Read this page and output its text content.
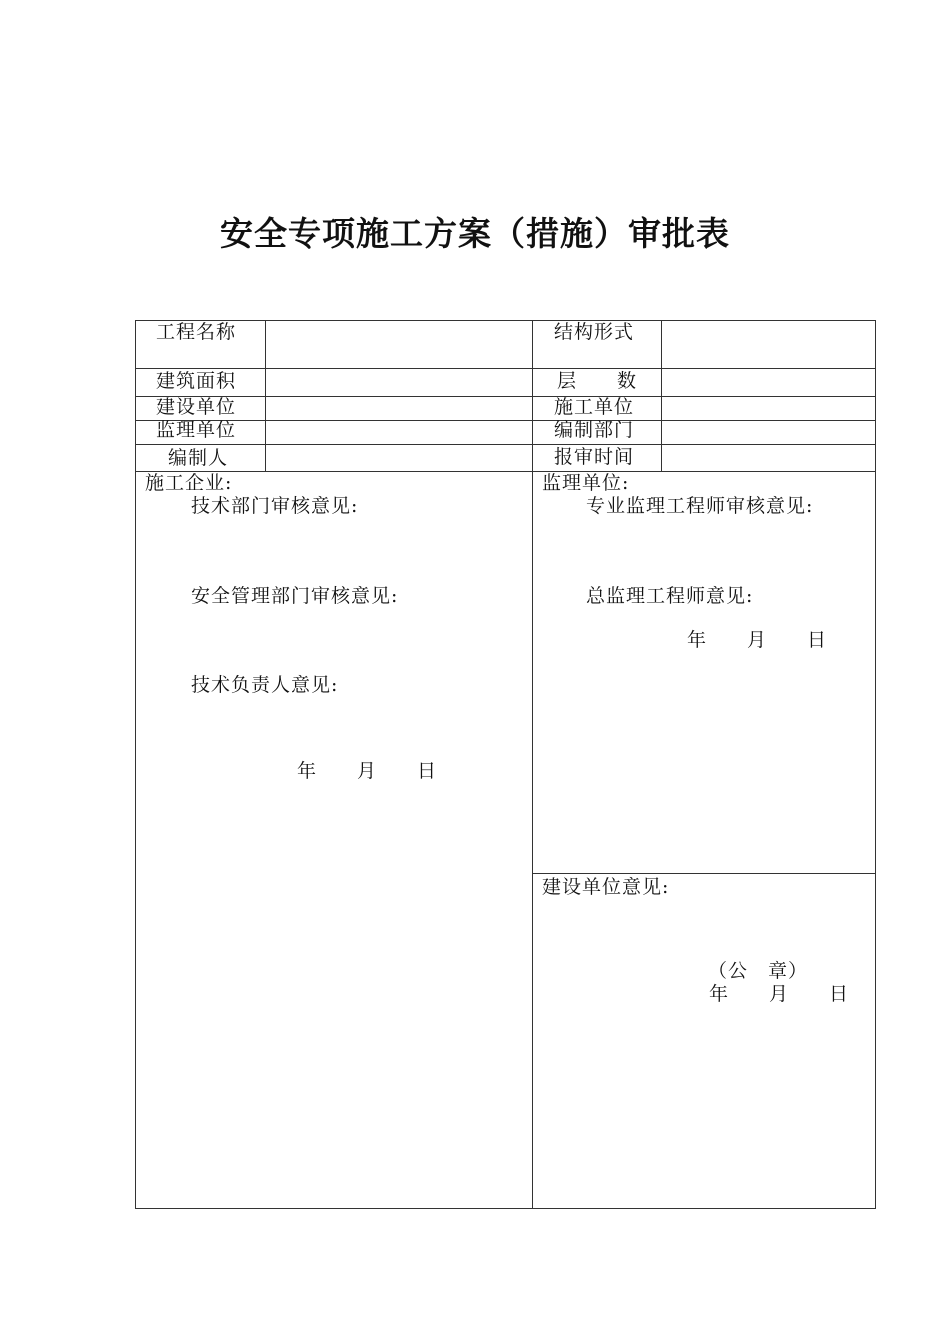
安全专项施工方案（措施）审批表
工程名称
建筑面积
建设单位
监理单位
编制人
结构形式
层　　数
施工单位
编制部门
报审时间
施工企业:
技术部门审核意见:
安全管理部门审核意见:
技术负责人意见:
年　　月　　日
监理单位:
专业监理工程师审核意见:
总监理工程师意见:
年　　月　　日
建设单位意见:
（公　章）
年　　月　　日
